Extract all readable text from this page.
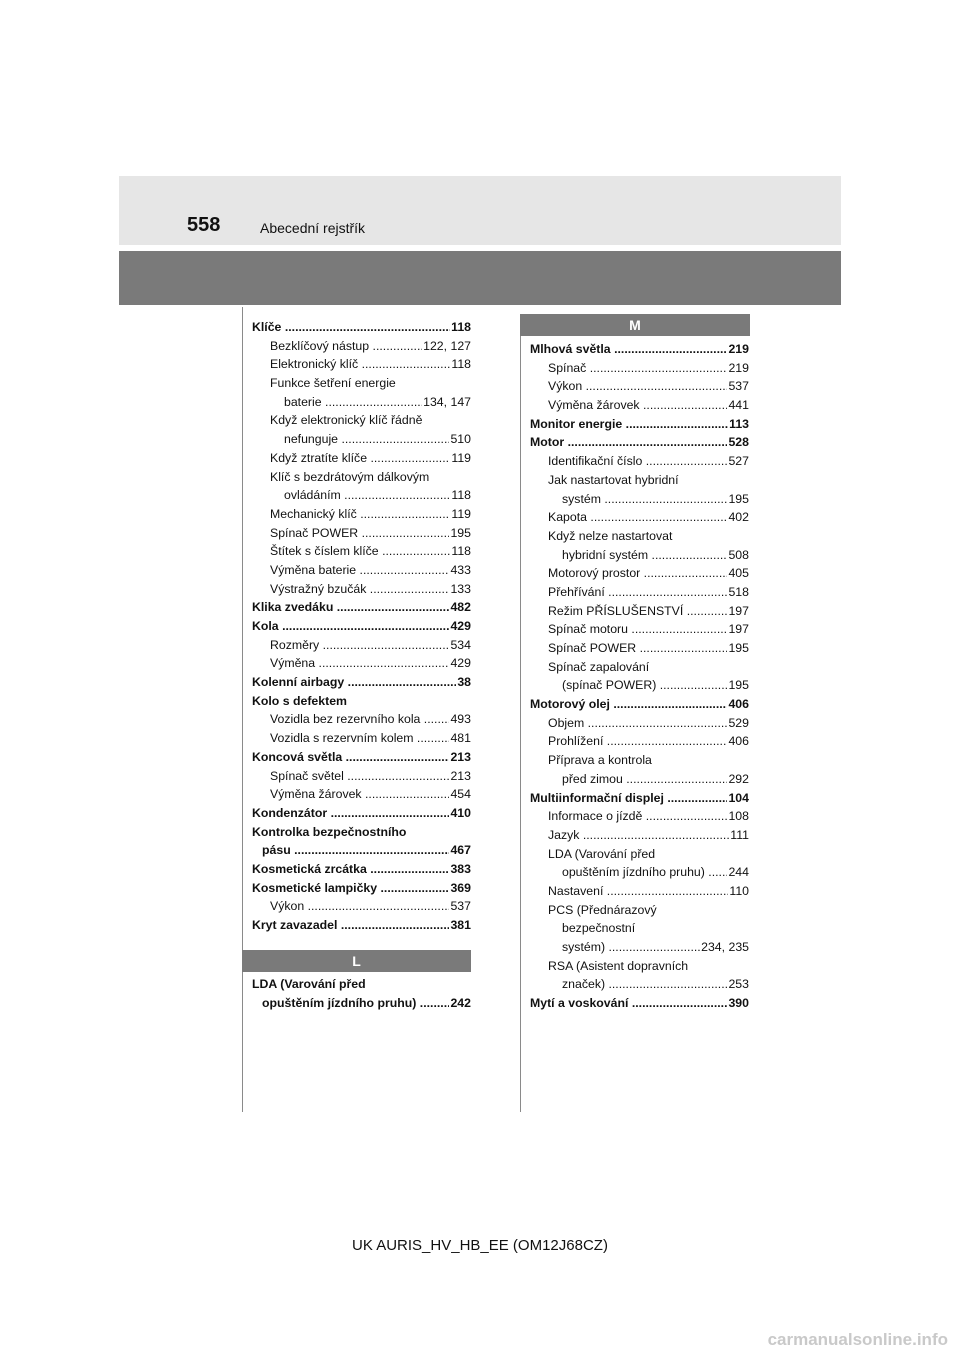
558	Abecední rejstřík
Klíče .....	118
Bezklíčový nástup .....	122, 127
Elektronický klíč .....	118
Funkce šetření energie
baterie .....	134, 147
Když elektronický klíč řádně
nefunguje .....	510
Když ztratíte klíče .....	119
Klíč s bezdrátovým dálkovým
ovládáním .....	118
Mechanický klíč .....	119
Spínač POWER .....	195
Štítek s číslem klíče .....	118
Výměna baterie .....	433
Výstražný bzučák .....	133
Klika zvedáku .....	482
Kola .....	429
Rozměry .....	534
Výměna .....	429
Kolenní airbagy .....	38
Kolo s defektem
Vozidla bez rezervního kola ..... 493
Vozidla s rezervním kolem .....	481
Koncová světla .....	213
Spínač světel .....	213
Výměna žárovek .....	454
Kondenzátor .....	410
Kontrolka bezpečnostního
pásu .....	467
Kosmetická zrcátka .....	383
Kosmetické lampičky .....	369
Výkon .....	537
Kryt zavazadel .....	381
L
LDA (Varování před
opuštěním jízdního pruhu) .....	242
M
Mlhová světla .....	219
Spínač .....	219
Výkon .....	537
Výměna žárovek .....	441
Monitor energie .....	113
Motor .....	528
Identifikační číslo .....	527
Jak nastartovat hybridní
systém .....	195
Kapota .....	402
Když nelze nastartovat
hybridní systém .....	508
Motorový prostor .....	405
Přehřívání .....	518
Režim PŘÍSLUŠENSTVÍ .....	197
Spínač motoru .....	197
Spínač POWER .....	195
Spínač zapalování
(spínač POWER) .....	195
Motorový olej .....	406
Objem .....	529
Prohlížení .....	406
Příprava a kontrola
před zimou .....	292
Multiinformační displej .....	104
Informace o jízdě .....	108
Jazyk .....	111
LDA (Varování před
opuštěním jízdního pruhu) ..... 244
Nastavení .....	110
PCS (Přednárazový
bezpečnostní
systém) .....	234, 235
RSA (Asistent dopravních
značek) .....	253
Mytí a voskování .....	390
UK AURIS_HV_HB_EE (OM12J68CZ)
carmanualsonline.info
